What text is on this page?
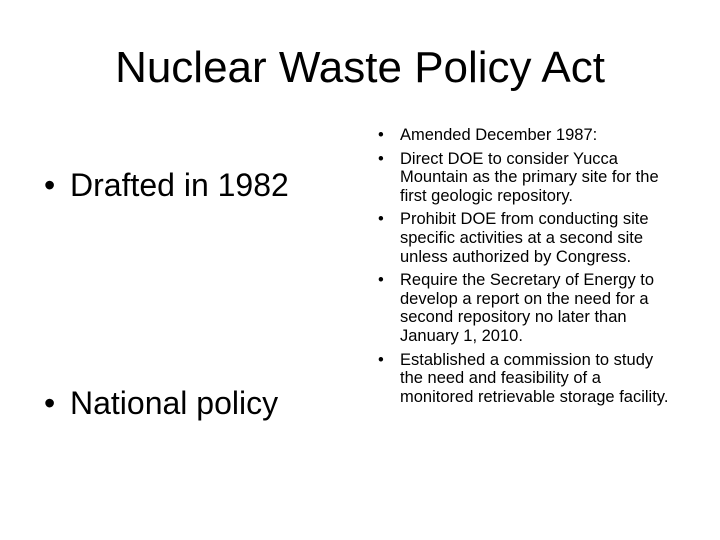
Nuclear Waste Policy Act
• Drafted in 1982
• National policy
• Amended December 1987:
• Direct DOE to consider Yucca Mountain as the primary site for the first geologic repository.
• Prohibit DOE from conducting site specific activities at a second site unless authorized by Congress.
• Require the Secretary of Energy to develop a report on the need for a second repository no later than January 1, 2010.
• Established a commission to study the need and feasibility of a monitored retrievable storage facility.
